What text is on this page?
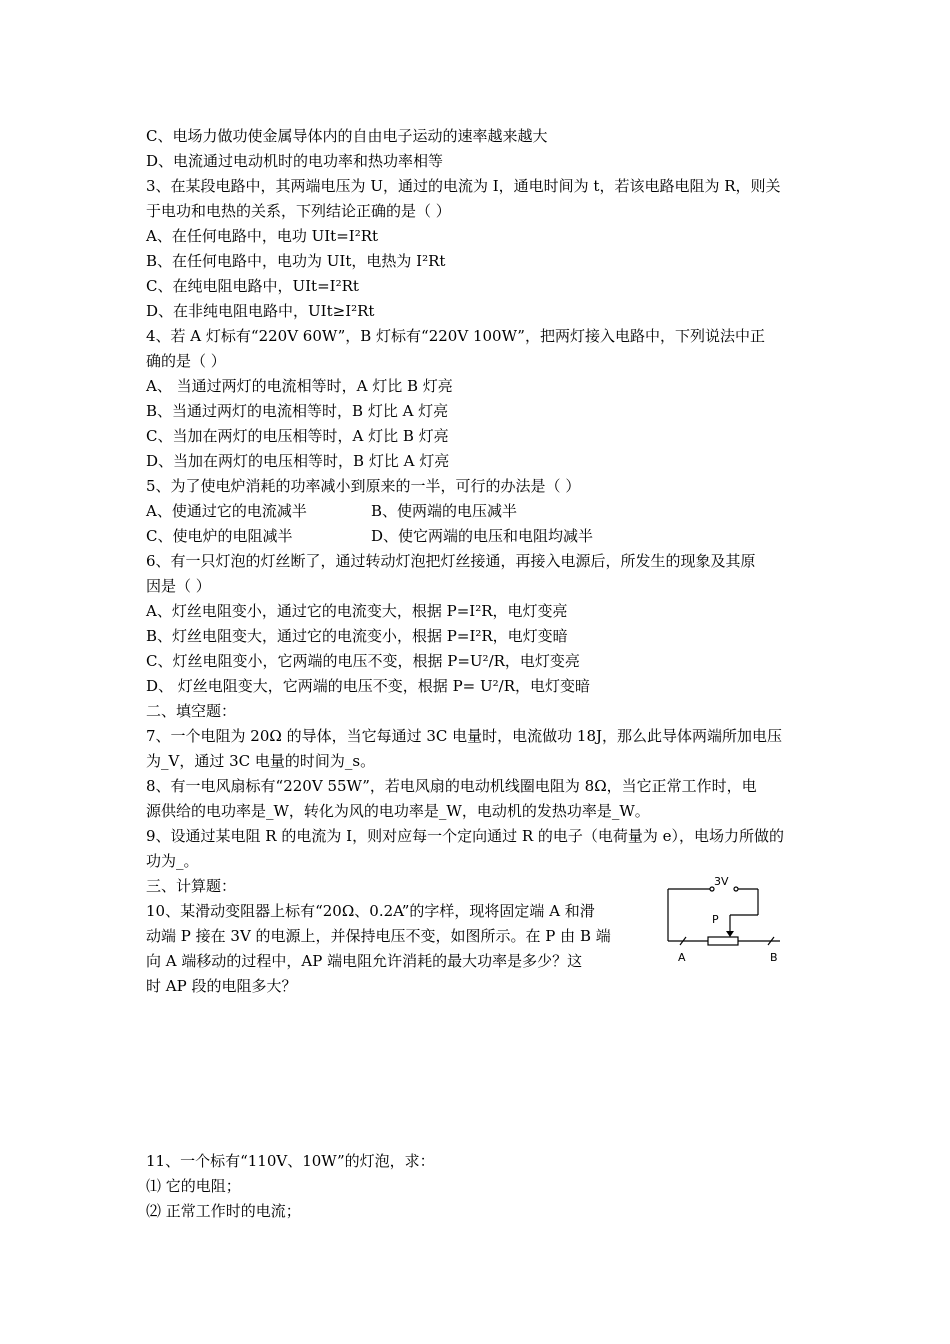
C、电场力做功使金属导体内的自由电子运动的速率越来越大
D、电流通过电动机时的电功率和热功率相等
3、在某段电路中，其两端电压为 U，通过的电流为 I，通电时间为 t，若该电路电阻为 R，则关
于电功和电热的关系，下列结论正确的是（ ）
A、在任何电路中，电功 UIt=I²Rt
B、在任何电路中，电功为 UIt，电热为 I²Rt
C、在纯电阻电路中，UIt=I²Rt
D、在非纯电阻电路中，UIt≥I²Rt
4、若 A 灯标有“220V 60W”，B 灯标有“220V 100W”，把两灯接入电路中，下列说法中正
确的是（ ）
A、 当通过两灯的电流相等时，A 灯比 B 灯亮
B、当通过两灯的电流相等时，B 灯比 A 灯亮
C、当加在两灯的电压相等时，A 灯比 B 灯亮
D、当加在两灯的电压相等时，B 灯比 A 灯亮
5、为了使电炉消耗的功率减小到原来的一半，可行的办法是（ ）
A、使通过它的电流减半	B、使两端的电压减半
C、使电炉的电阻减半	D、使它两端的电压和电阻均减半
6、有一只灯泡的灯丝断了，通过转动灯泡把灯丝接通，再接入电源后，所发生的现象及其原
因是（ ）
A、灯丝电阻变小，通过它的电流变大，根据 P=I²R，电灯变亮
B、灯丝电阻变大，通过它的电流变小，根据 P=I²R，电灯变暗
C、灯丝电阻变小，它两端的电压不变，根据 P=U²/R，电灯变亮
D、 灯丝电阻变大，它两端的电压不变，根据 P= U²/R，电灯变暗
二、填空题：
7、一个电阻为 20Ω 的导体，当它每通过 3C 电量时，电流做功 18J，那么此导体两端所加电压
为_V，通过 3C 电量的时间为_s。
8、有一电风扇标有“220V 55W”，若电风扇的电动机线圈电阻为 8Ω，当它正常工作时，电
源供给的电功率是_W，转化为风的电功率是_W，电动机的发热功率是_W。
9、设通过某电阻 R 的电流为 I，则对应每一个定向通过 R 的电子（电荷量为 e），电场力所做的
功为_。
三、计算题：
10、某滑动变阻器上标有“20Ω、0.2A”的字样，现将固定端 A 和滑
动端 P 接在 3V 的电源上，并保持电压不变，如图所示。在 P 由 B 端
向 A 端移动的过程中，AP 端电阻允许消耗的最大功率是多少？这
时 AP 段的电阻多大？
3V
P
A	B
11、一个标有“110V、10W”的灯泡，求：
⑴ 它的电阻；
⑵ 正常工作时的电流；
